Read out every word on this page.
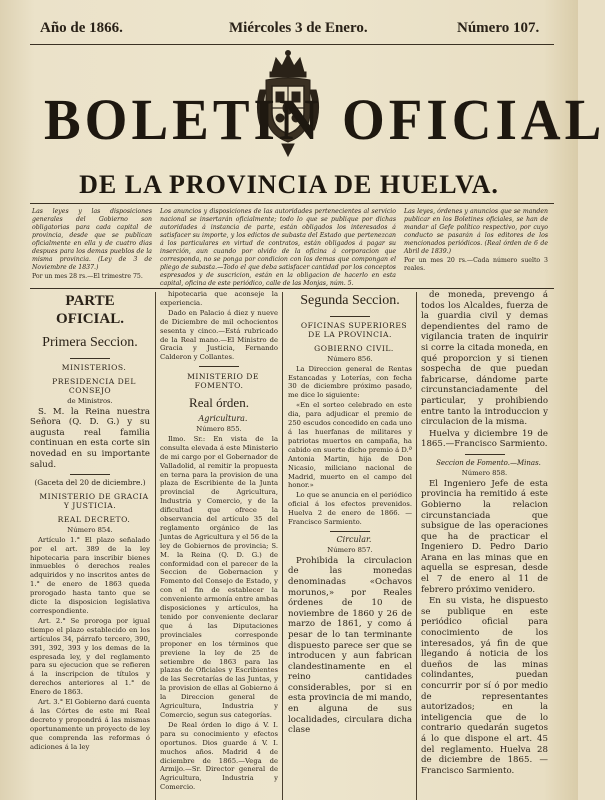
Año de 1866.	Miércoles 3 de Enero.	Número 107.
BOLETIN OFICIAL
DE LA PROVINCIA DE HUELVA.

Las leyes y las disposiciones generales del Gobierno son obligatorias para cada capital de provincia, desde que se publican oficialmente en ella y de cuatro dias despues para los demas pueblos de la misma provincia. (Ley de 3 de Noviembre de 1837.)

Por un mes 28 rs.—El trimestre 75.

Los anuncios y disposiciones de las autoridades pertenecientes al servicio nacional se insertarán oficialmente; todo lo que se publique por dichas autoridades á instancia de parte, están obligados los interesados á satisfacer su importe, y los edictos de subasta del Estado que pertenezcan á los particulares en virtud de contratos, están obligados á pagar su inserción, aun cuando por olvido de la oficina á corporacion que corresponda, no se ponga por condicion con los demas que compongan el pliego de subasta.—Todo el que deba satisfacer cantidad por los conceptos espresados y de suscricion, están en la obligacion de hacerlo en esta capital, oficina de este periódico, calle de las Monjas, núm. 5.

Las leyes, órdenes y anuncios que se manden publicar en los Boletines oficiales, se han de mandar al Gefe político respectivo, por cuyo conducto se pasarán á los editores de los mencionados periódicos. (Real órden de 6 de Abril de 1839.)

Por un mes 20 rs.—Cada número suelto 3 reales.

PARTE OFICIAL.
Primera Seccion.

MINISTERIOS.

PRESIDENCIA DEL CONSEJO

de Ministros.

S. M. la Reina nuestra Señora (Q. D. G.) y su augusta real familia continuan en esta corte sin novedad en su importante salud.

(Gaceta del 20 de diciembre.)

MINISTERIO DE GRACIA Y JUSTICIA.

REAL DECRETO.

Número 854.

Artículo 1.° El plazo señalado por el art. 389 de la ley hipotecaria para inscribir bienes inmuebles ó derechos reales adquiridos y no inscritos antes de 1.° de enero de 1863 queda prorogado hasta tanto que se dicte la disposicion legislativa correspondiente.

Art. 2.° Se proroga por igual tiempo el plazo establecido en los artículos 34, párrafo tercero, 390, 391, 392, 393 y los demas de la espresada ley, y del reglamento para su ejecucion que se refieren á la inscripcion de títulos y derechos anteriores al 1.° de Enero de 1863.

Art. 3.° El Gobierno dará cuenta á las Córtes de este mi Real decreto y propondrá á las mismas oportunamente un proyecto de ley que comprenda las reformas ó adiciones á la ley

hipotecaria que aconseje la experiencia.

Dado en Palacio á diez y nueve de Diciembre de mil ochocientos sesenta y cinco.—Está rubricado de la Real mano.—El Ministro de Gracia y Justicia, Fernando Calderon y Collantes.

MINISTERIO DE FOMENTO.

Real órden.

Agricultura.

Número 855.

Ilmo. Sr.: En vista de la consulta elevada á este Ministerio de mi cargo por el Gobernador de Valladolid, al remitir la propuesta en terna para la provision de una plaza de Escribiente de la Junta provincial de Agricultura, Industria y Comercio, y de la dificultad que ofrece la observancia del artículo 35 del reglamento orgánico de las Juntas de Agricultura y el 56 de la ley de Gobiernos de provincia; S. M. la Reina (Q. D. G.) de conformidad con el parecer de la Seccion de Gobernacion y Fomento del Consejo de Estado, y con el fin de establecer la conveniente armonía entre ambas disposiciones y artículos, ha tenido por conveniente declarar que á las Diputaciones provinciales corresponde proponer en los términos que previene la ley de 25 de setiembre de 1863 para las plazas de Oficiales y Escribientes de las Secretarías de las Juntas, y la provision de ellas al Gobierno á la Direccion general de Agricultura, Industria y Comercio, segun sus categorías.

De Real órden lo digo á V. I. para su conocimiento y efectos oportunos. Dios guarde á V. I. muchos años. Madrid 4 de diciembre de 1865.—Vega de Armijo.—Sr. Director general de Agricultura, Industria y Comercio.

Segunda Seccion.

OFICINAS SUPERIORES DE LA PROVINCIA.

GOBIERNO CIVIL.

Número 856.

La Direccion general de Rentas Estancadas y Loterías, con fecha 30 de diciembre próximo pasado, me dice lo siguiente:

«En el sorteo celebrado en este dia, para adjudicar el premio de 250 escudos concedido en cada uno á las huerfanas de militares y patriotas muertos en campaña, ha cabido en suerte dicho premio á D.ª Antonia Martin, hija de Don Nicasio, miliciano nacional de Madrid, muerto en el campo del honor.»

Lo que se anuncia en el periódico oficial á los efectos prevenidos. Huelva 2 de enero de 1866. —Francisco Sarmiento.

Circular.

Número 857.

Prohibida la circulacion de las monedas denominadas «Ochavos morunos,» por Reales órdenes de 10 de noviembre de 1860 y 26 de marzo de 1861, y como á pesar de lo tan terminante dispuesto parece ser que se introducen y aun fabrican clandestinamente en el reino cantidades considerables, por si en esta provincia de mi mando, en alguna de sus localidades, circulara dicha clase

de moneda, prevengo á todos los Alcaldes, fuerza de la guardia civil y demas dependientes del ramo de vigilancia traten de inquirir si corre la citada moneda, en qué proporcion y si tienen sospecha de que puedan fabricarse, dándome parte circunstanciadamente del particular, y prohibiendo entre tanto la introduccion y circulacion de la misma.

Huelva y diciembre 19 de 1865.—Francisco Sarmiento.

Seccion de Fomento.—Minas.

Número 858.

El Ingeniero Jefe de esta provincia ha remitido á este Gobierno la relacion circunstanciada que subsigue de las operaciones que ha de practicar el Ingeniero D. Pedro Dario Arana en las minas que en aquella se espresan, desde el 7 de enero al 11 de febrero próximo venidero.

En su vista, he dispuesto se publique en este periódico oficial para conocimiento de los interesados, yá fin de que llegando á noticia de los dueños de las minas colindantes, puedan concurrir por sí ó por medio de representantes autorizados; en la inteligencia que de lo contrario quedarán sugetos á lo que dispone el art. 45 del reglamento. Huelva 28 de diciembre de 1865. —Francisco Sarmiento.
